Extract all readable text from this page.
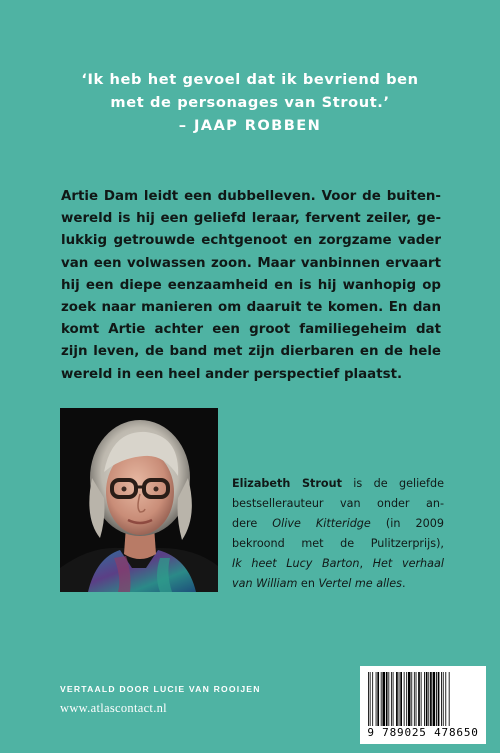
‘Ik heb het gevoel dat ik bevriend ben
met de personages van Strout.’
– JAAP ROBBEN
Artie Dam leidt een dubbelleven. Voor de buiten-
wereld is hij een geliefd leraar, fervent zeiler, ge-
lukkig getrouwde echtgenoot en zorgzame vader
van een volwassen zoon. Maar vanbinnen ervaart
hij een diepe eenzaamheid en is hij wanhopig op
zoek naar manieren om daaruit te komen. En dan
komt Artie achter een groot familiegeheim dat
zijn leven, de band met zijn dierbaren en de hele
wereld in een heel ander perspectief plaatst.
Elizabeth Strout is de geliefde
bestsellerauteur van onder an-
dere Olive Kitteridge (in 2009
bekroond met de Pulitzerprijs),
Ik heet Lucy Barton, Het verhaal
van William en Vertel me alles.
VERTAALD DOOR LUCIE VAN ROOIJEN
www.atlascontact.nl
9 789025 478650
